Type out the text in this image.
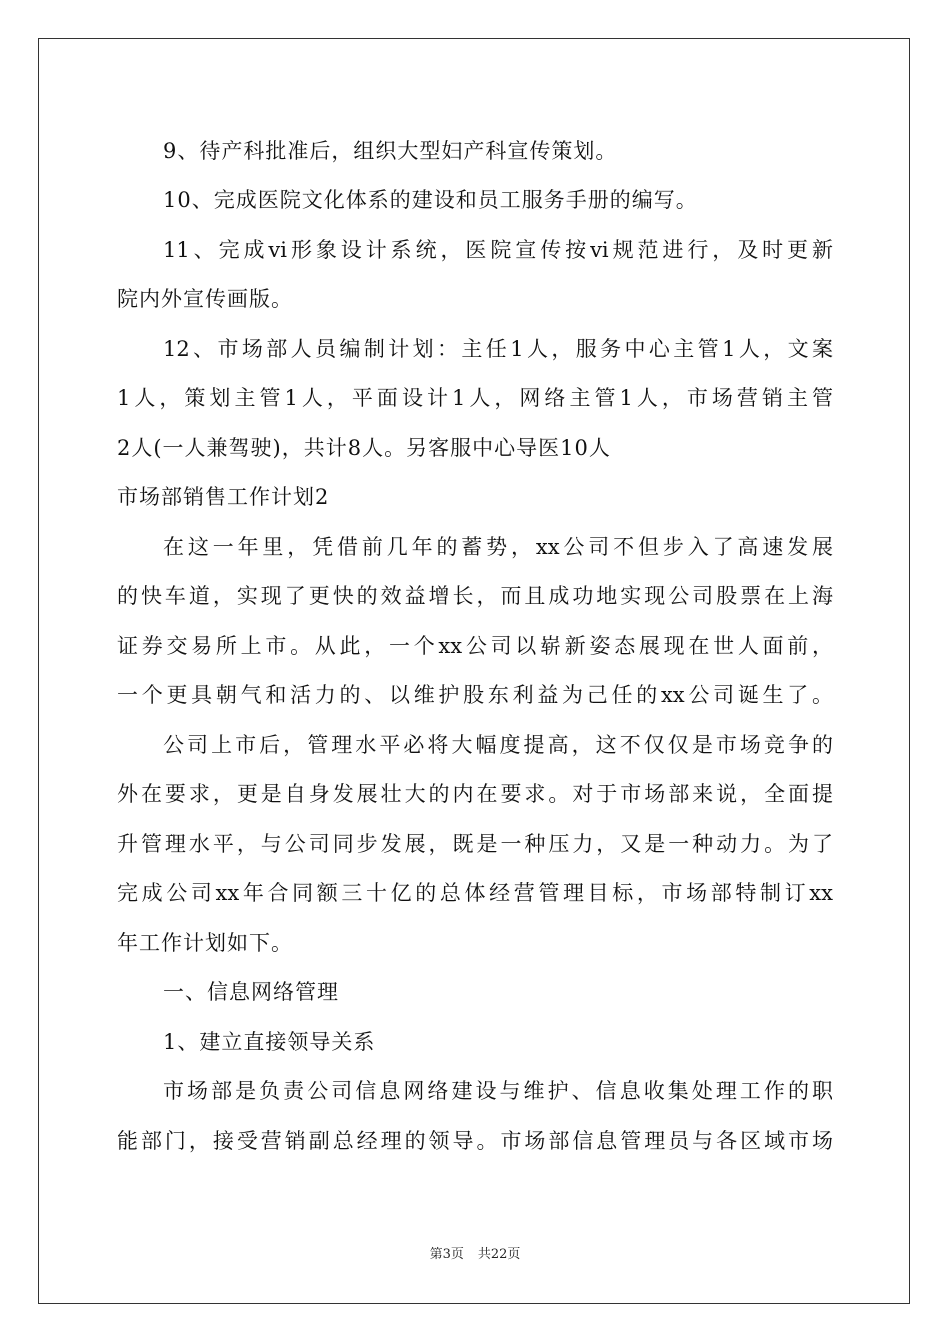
9、待产科批准后，组织大型妇产科宣传策划。
10、完成医院文化体系的建设和员工服务手册的编写。
11、完成vi形象设计系统，医院宣传按vi规范进行，及时更新
院内外宣传画版。
12、市场部人员编制计划：主任1人，服务中心主管1人，文案
1人，策划主管1人，平面设计1人，网络主管1人，市场营销主管
2人(一人兼驾驶)，共计8人。另客服中心导医10人
市场部销售工作计划2
在这一年里，凭借前几年的蓄势，xx公司不但步入了高速发展
的快车道，实现了更快的效益增长，而且成功地实现公司股票在上海
证券交易所上市。从此，一个xx公司以崭新姿态展现在世人面前，
一个更具朝气和活力的、以维护股东利益为己任的xx公司诞生了。
公司上市后，管理水平必将大幅度提高，这不仅仅是市场竞争的
外在要求，更是自身发展壮大的内在要求。对于市场部来说，全面提
升管理水平，与公司同步发展，既是一种压力，又是一种动力。为了
完成公司xx年合同额三十亿的总体经营管理目标，市场部特制订xx
年工作计划如下。
一、信息网络管理
1、建立直接领导关系
市场部是负责公司信息网络建设与维护、信息收集处理工作的职
能部门，接受营销副总经理的领导。市场部信息管理员与各区域市场
第3页 共22页
